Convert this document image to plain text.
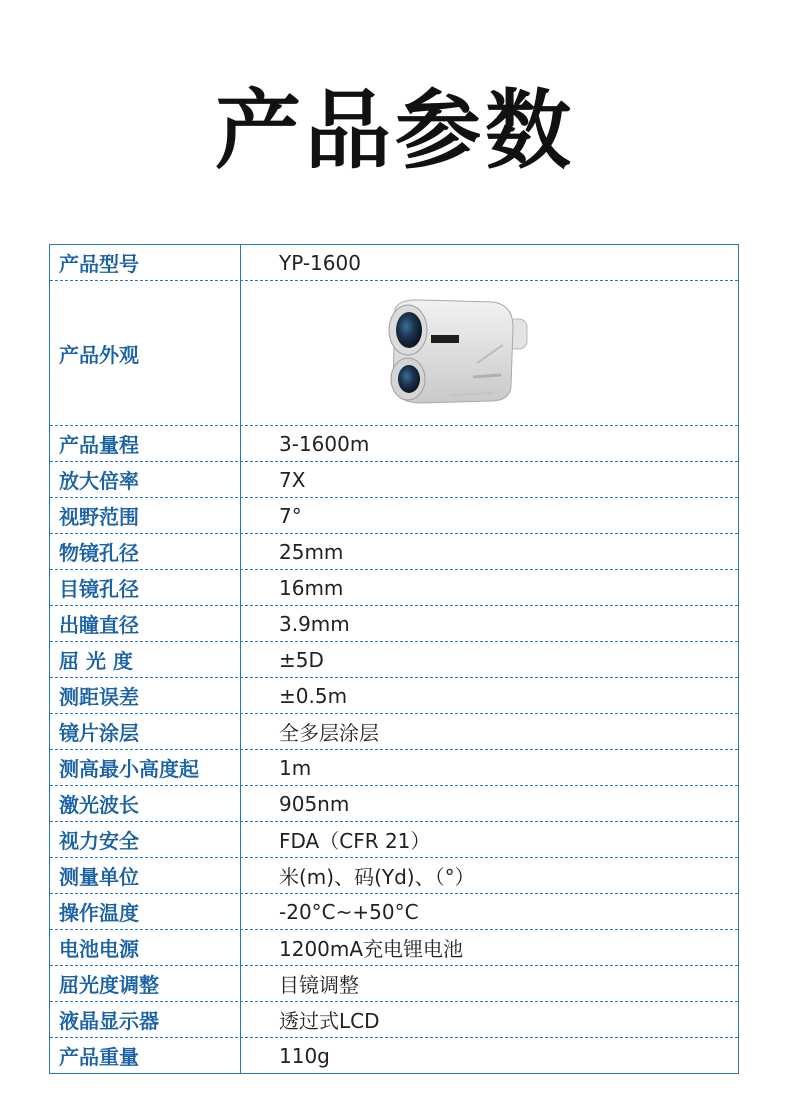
产品参数
产品型号	YP-1600
产品外观
产品量程	3-1600m
放大倍率	7X
视野范围	7°
物镜孔径	25mm
目镜孔径	16mm
出瞳直径	3.9mm
屈 光 度	±5D
测距误差	±0.5m
镜片涂层	全多层涂层
测高最小高度起	1m
激光波长	905nm
视力安全	FDA（CFR 21）
测量单位	米(m)、码(Yd)、（°）
操作温度	-20°C~+50°C
电池电源	1200mA充电锂电池
屈光度调整	目镜调整
液晶显示器	透过式LCD
产品重量	110g
